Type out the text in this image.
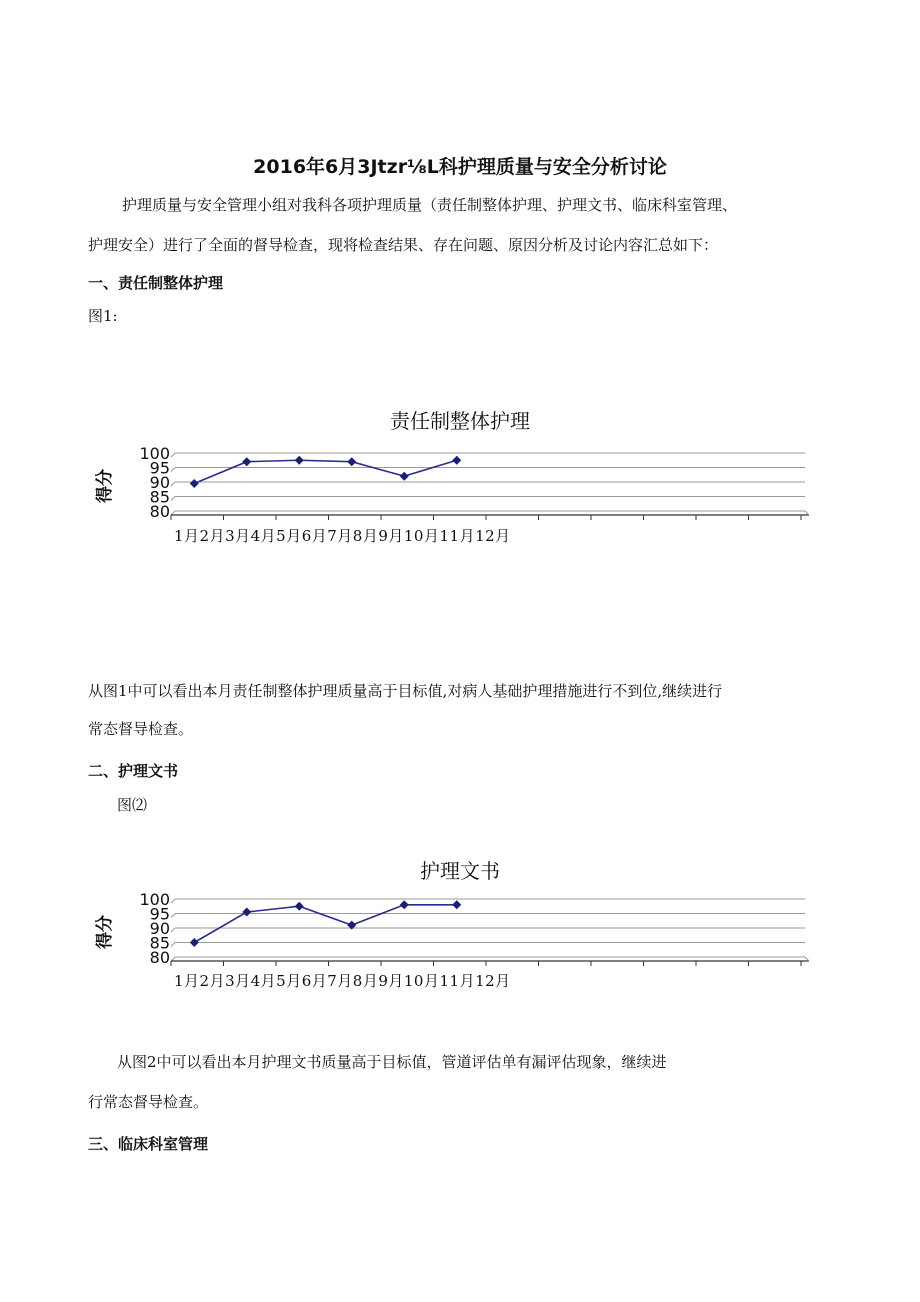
2016年6月3Jtzr⅛L科护理质量与安全分析讨论
护理质量与安全管理小组对我科各项护理质量（责任制整体护理、护理文书、临床科室管理、
护理安全）进行了全面的督导检查，现将检查结果、存在问题、原因分析及讨论内容汇总如下：
一、责任制整体护理
图1:
责任制整体护理
100
95
90
85
80
得分
1月2月3月4月5月6月7月8月9月10月11月12月
从图1中可以看出本月责任制整体护理质量高于目标值,对病人基础护理措施进行不到位,继续进行
常态督导检查。
二、护理文书
图⑵
护理文书
100
95
90
85
80
得分
1月2月3月4月5月6月7月8月9月10月11月12月
从图2中可以看出本月护理文书质量高于目标值，管道评估单有漏评估现象，继续进
行常态督导检查。
三、临床科室管理
